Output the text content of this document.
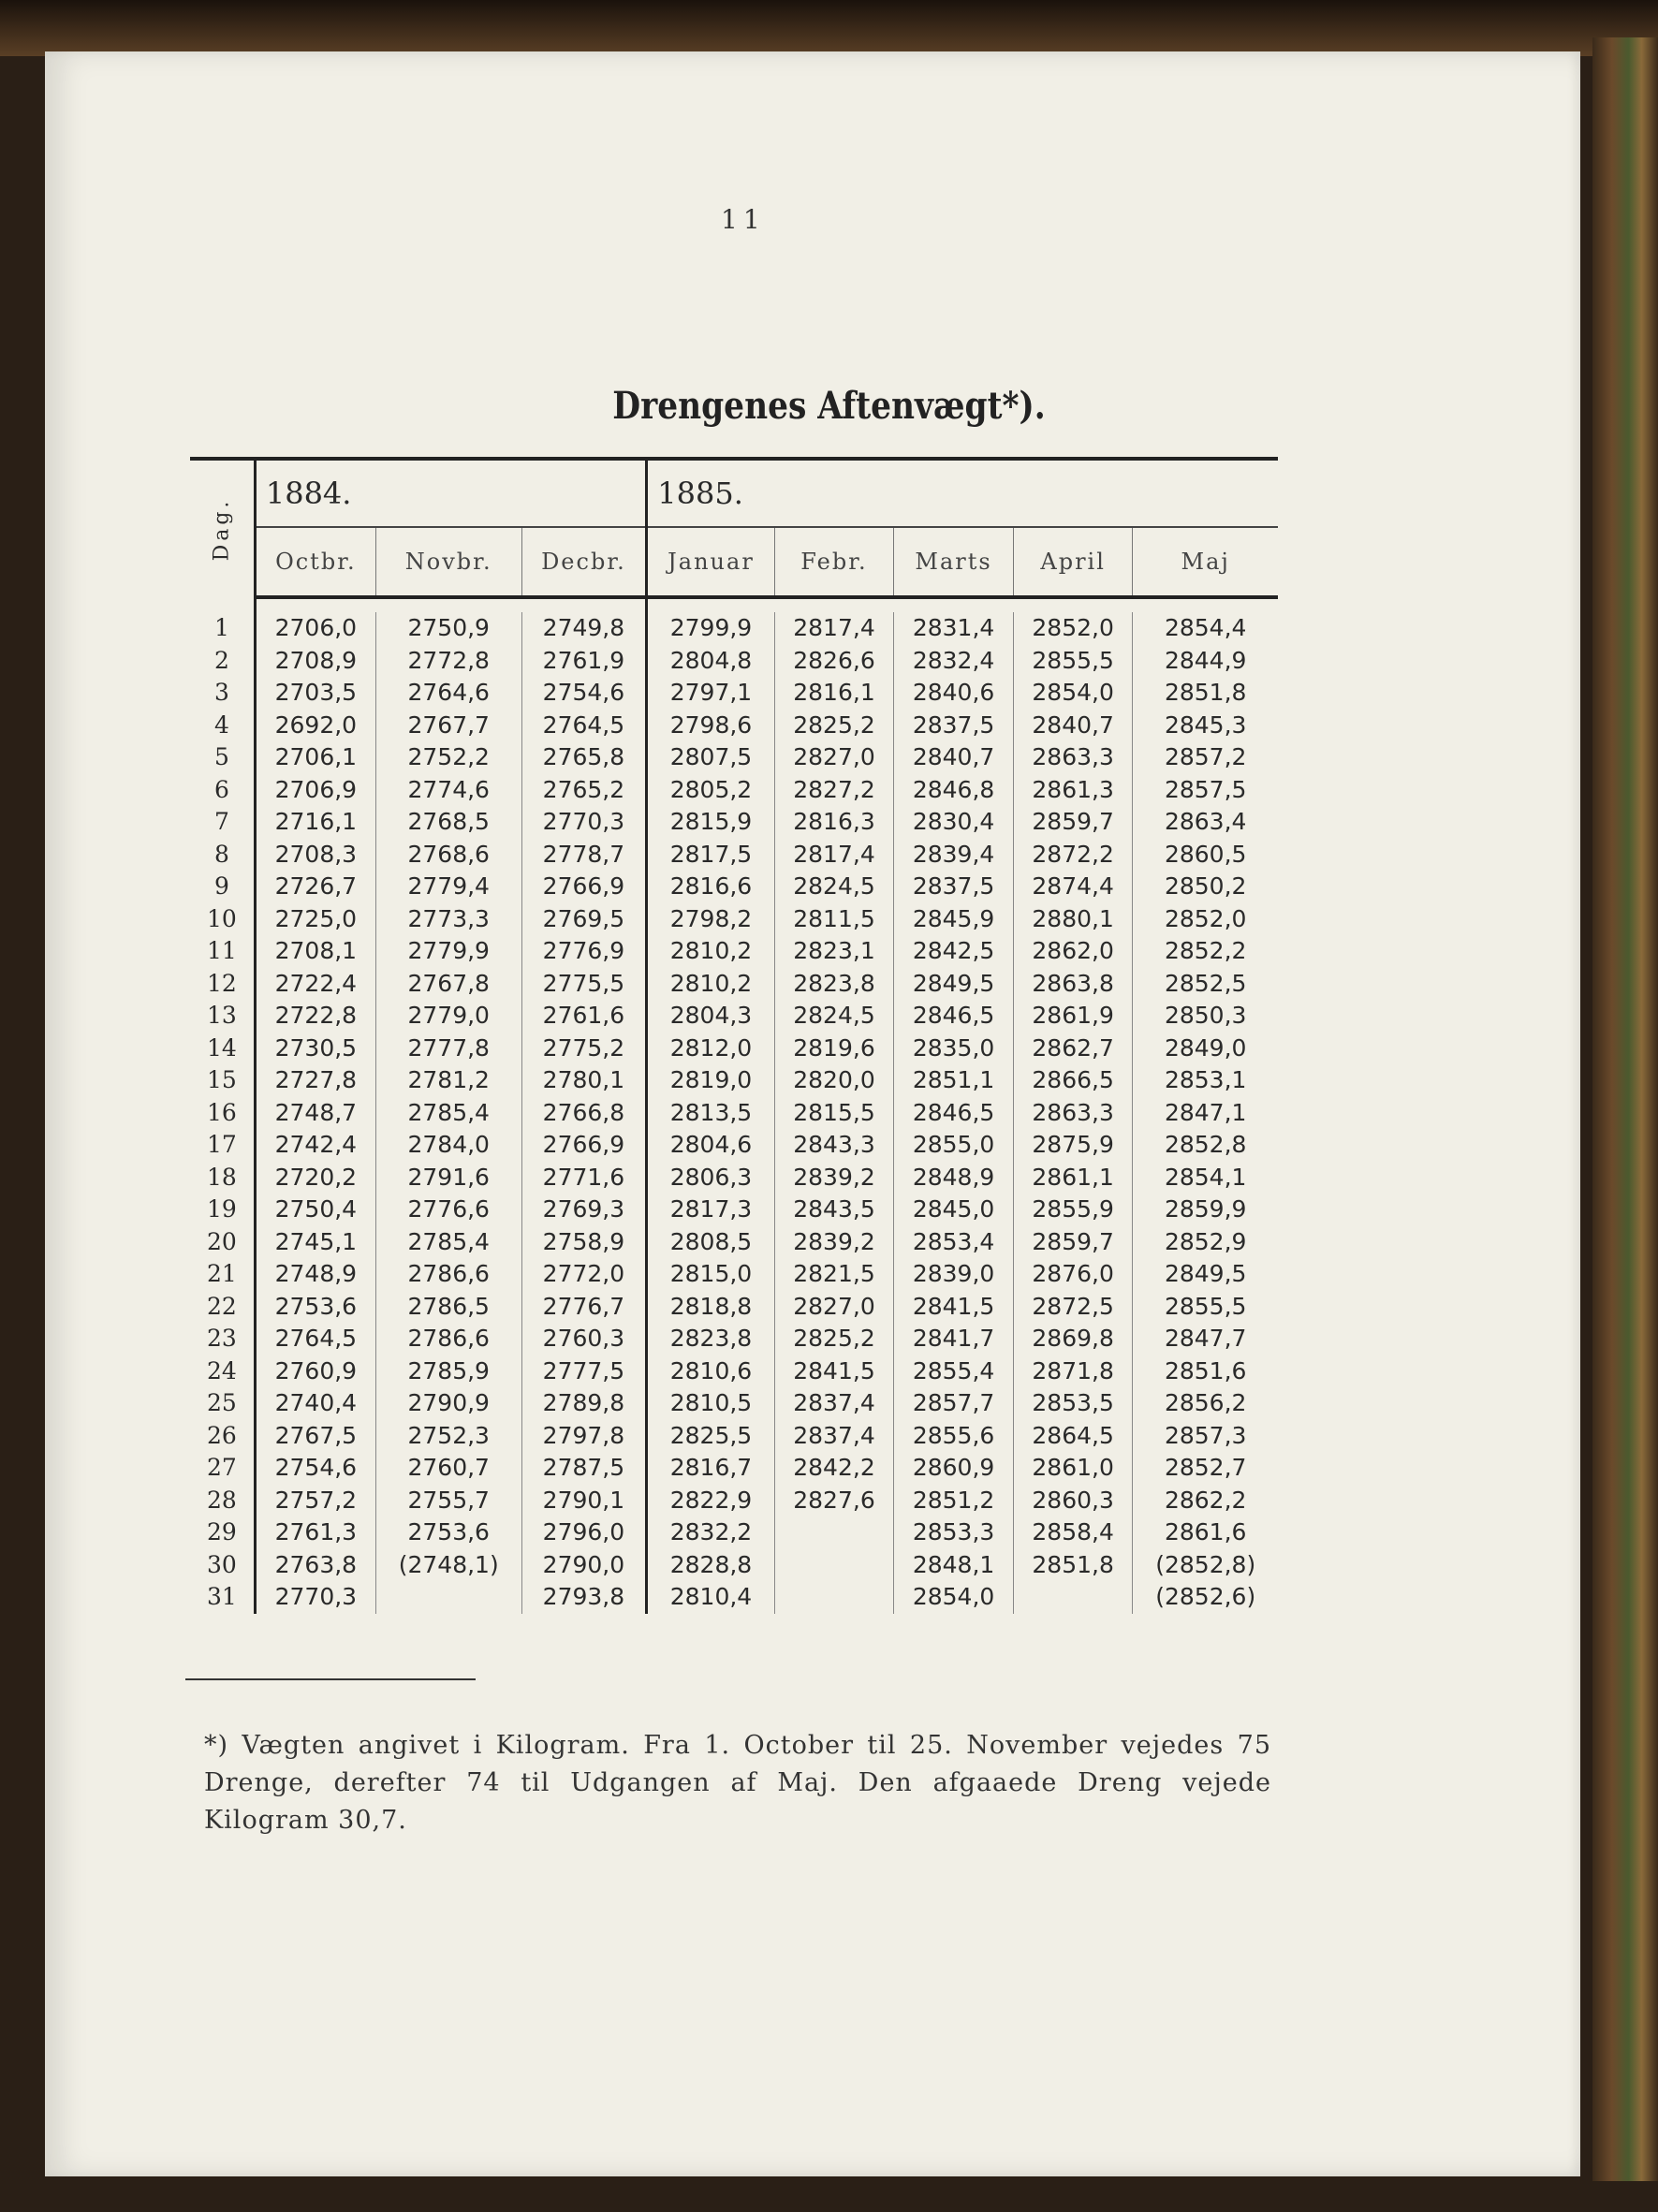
11
Drengenes Aftenvægt*).

Dag.	1884.			1885.				
	Octbr.	Novbr.	Decbr.	Januar	Febr.	Marts	April	Maj

1	2706,0	2750,9	2749,8	2799,9	2817,4	2831,4	2852,0	2854,4
2	2708,9	2772,8	2761,9	2804,8	2826,6	2832,4	2855,5	2844,9
3	2703,5	2764,6	2754,6	2797,1	2816,1	2840,6	2854,0	2851,8
4	2692,0	2767,7	2764,5	2798,6	2825,2	2837,5	2840,7	2845,3
5	2706,1	2752,2	2765,8	2807,5	2827,0	2840,7	2863,3	2857,2
6	2706,9	2774,6	2765,2	2805,2	2827,2	2846,8	2861,3	2857,5
7	2716,1	2768,5	2770,3	2815,9	2816,3	2830,4	2859,7	2863,4
8	2708,3	2768,6	2778,7	2817,5	2817,4	2839,4	2872,2	2860,5
9	2726,7	2779,4	2766,9	2816,6	2824,5	2837,5	2874,4	2850,2
10	2725,0	2773,3	2769,5	2798,2	2811,5	2845,9	2880,1	2852,0
11	2708,1	2779,9	2776,9	2810,2	2823,1	2842,5	2862,0	2852,2
12	2722,4	2767,8	2775,5	2810,2	2823,8	2849,5	2863,8	2852,5
13	2722,8	2779,0	2761,6	2804,3	2824,5	2846,5	2861,9	2850,3
14	2730,5	2777,8	2775,2	2812,0	2819,6	2835,0	2862,7	2849,0
15	2727,8	2781,2	2780,1	2819,0	2820,0	2851,1	2866,5	2853,1
16	2748,7	2785,4	2766,8	2813,5	2815,5	2846,5	2863,3	2847,1
17	2742,4	2784,0	2766,9	2804,6	2843,3	2855,0	2875,9	2852,8
18	2720,2	2791,6	2771,6	2806,3	2839,2	2848,9	2861,1	2854,1
19	2750,4	2776,6	2769,3	2817,3	2843,5	2845,0	2855,9	2859,9
20	2745,1	2785,4	2758,9	2808,5	2839,2	2853,4	2859,7	2852,9
21	2748,9	2786,6	2772,0	2815,0	2821,5	2839,0	2876,0	2849,5
22	2753,6	2786,5	2776,7	2818,8	2827,0	2841,5	2872,5	2855,5
23	2764,5	2786,6	2760,3	2823,8	2825,2	2841,7	2869,8	2847,7
24	2760,9	2785,9	2777,5	2810,6	2841,5	2855,4	2871,8	2851,6
25	2740,4	2790,9	2789,8	2810,5	2837,4	2857,7	2853,5	2856,2
26	2767,5	2752,3	2797,8	2825,5	2837,4	2855,6	2864,5	2857,3
27	2754,6	2760,7	2787,5	2816,7	2842,2	2860,9	2861,0	2852,7
28	2757,2	2755,7	2790,1	2822,9	2827,6	2851,2	2860,3	2862,2
29	2761,3	2753,6	2796,0	2832,2		2853,3	2858,4	2861,6
30	2763,8	(2748,1)	2790,0	2828,8		2848,1	2851,8	(2852,8)
31	2770,3		2793,8	2810,4		2854,0		(2852,6)
*) Vægten angivet i Kilogram. Fra 1. October til 25. November vejedes 75 Drenge, derefter 74 til Udgangen af Maj. Den afgaaede Dreng vejede Kilogram 30,7.
